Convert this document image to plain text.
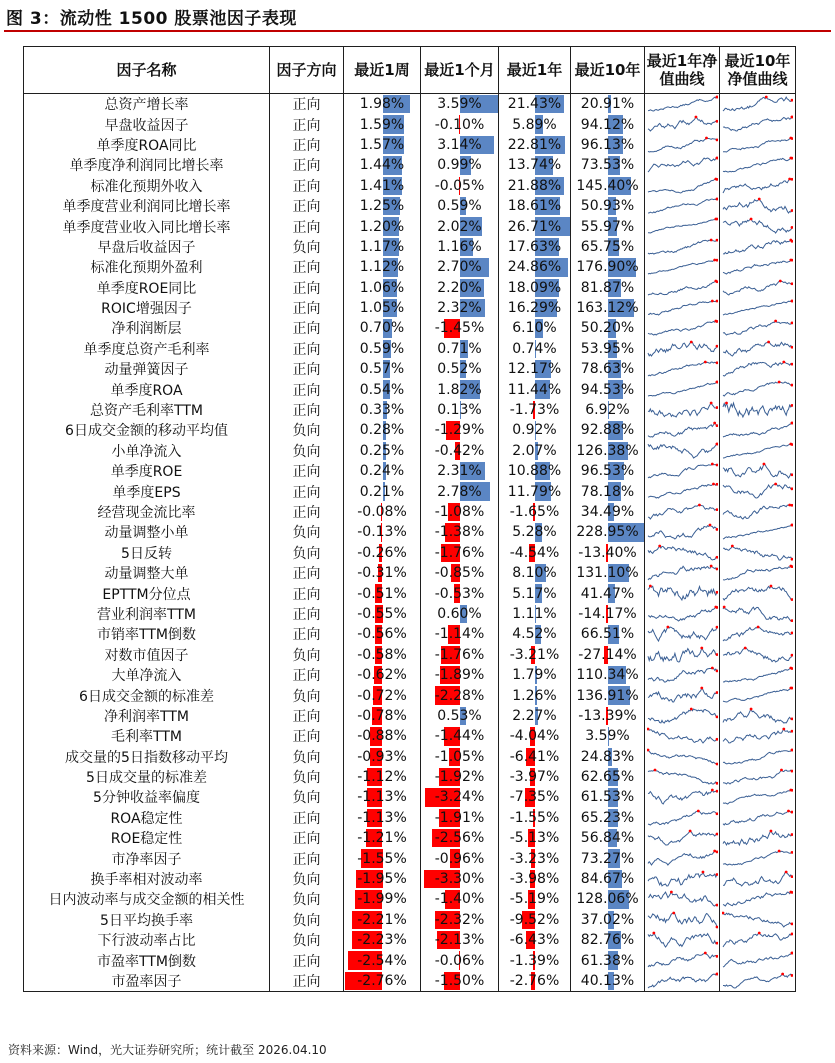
图 3：流动性 1500 股票池因子表现
因子名称	因子方向	最近1周	最近1个月	最近1年	最近10年	最近1年净值曲线	最近10年净值曲线
总资产增长率	正向	1.98%	3.59%	21.43%	20.91%	

早盘收益因子	正向	1.59%	-0.10%	5.89%	94.12%	

单季度ROA同比	正向	1.57%	3.14%	22.81%	96.13%	

单季度净利润同比增长率	正向	1.44%	0.99%	13.74%	73.53%	

标准化预期外收入	正向	1.41%	-0.05%	21.88%	145.40%	

单季度营业利润同比增长率	正向	1.25%	0.59%	18.61%	50.93%	

单季度营业收入同比增长率	正向	1.20%	2.02%	26.71%	55.97%	

早盘后收益因子	负向	1.17%	1.16%	17.63%	65.75%	

标准化预期外盈利	正向	1.12%	2.70%	24.86%	176.90%	

单季度ROE同比	正向	1.06%	2.20%	18.09%	81.87%	

ROIC增强因子	正向	1.05%	2.32%	16.29%	163.12%	

净利润断层	正向	0.70%	-1.45%	6.10%	50.20%	

单季度总资产毛利率	正向	0.59%	0.71%	0.74%	53.95%	

动量弹簧因子	正向	0.57%	0.52%	12.17%	78.63%	

单季度ROA	正向	0.54%	1.82%	11.44%	94.53%	

总资产毛利率TTM	正向	0.33%	0.13%	-1.73%	6.92%	

6日成交金额的移动平均值	负向	0.28%	-1.29%	0.92%	92.88%	

小单净流入	负向	0.25%	-0.42%	2.07%	126.38%	

单季度ROE	正向	0.24%	2.31%	10.88%	96.53%	

单季度EPS	正向	0.21%	2.78%	11.79%	78.18%	

经营现金流比率	正向	-0.08%	-1.08%	-1.65%	34.49%	

动量调整小单	负向	-0.13%	-1.38%	5.28%	228.95%	

5日反转	负向	-0.26%	-1.76%	-4.54%	-13.40%	

动量调整大单	正向	-0.31%	-0.85%	8.10%	131.10%	

EPTTM分位点	正向	-0.51%	-0.53%	5.17%	41.47%	

营业利润率TTM	正向	-0.55%	0.60%	1.11%	-14.17%	

市销率TTM倒数	正向	-0.56%	-1.14%	4.52%	66.51%	

对数市值因子	负向	-0.58%	-1.76%	-3.21%	-27.14%	

大单净流入	正向	-0.62%	-1.89%	1.79%	110.34%	

6日成交金额的标准差	负向	-0.72%	-2.28%	1.26%	136.91%	

净利润率TTM	正向	-0.78%	0.53%	2.27%	-13.39%	

毛利率TTM	正向	-0.88%	-1.44%	-4.04%	3.59%	

成交量的5日指数移动平均	负向	-0.93%	-1.05%	-6.41%	24.83%	

5日成交量的标准差	负向	-1.12%	-1.92%	-3.97%	62.65%	

5分钟收益率偏度	负向	-1.13%	-3.24%	-7.35%	61.53%	

ROA稳定性	正向	-1.13%	-1.91%	-1.55%	65.23%	

ROE稳定性	正向	-1.21%	-2.56%	-5.13%	56.84%	

市净率因子	正向	-1.55%	-0.96%	-3.23%	73.27%	

换手率相对波动率	负向	-1.95%	-3.30%	-3.98%	84.67%	

日内波动率与成交金额的相关性	负向	-1.99%	-1.40%	-5.19%	128.06%	

5日平均换手率	负向	-2.21%	-2.32%	-9.52%	37.02%	

下行波动率占比	负向	-2.23%	-2.13%	-6.43%	82.76%	

市盈率TTM倒数	正向	-2.54%	-0.06%	-1.39%	61.38%	

市盈率因子	正向	-2.76%	-1.50%	-2.76%	40.13%	

资料来源：Wind，光大证券研究所；统计截至 2026.04.10
